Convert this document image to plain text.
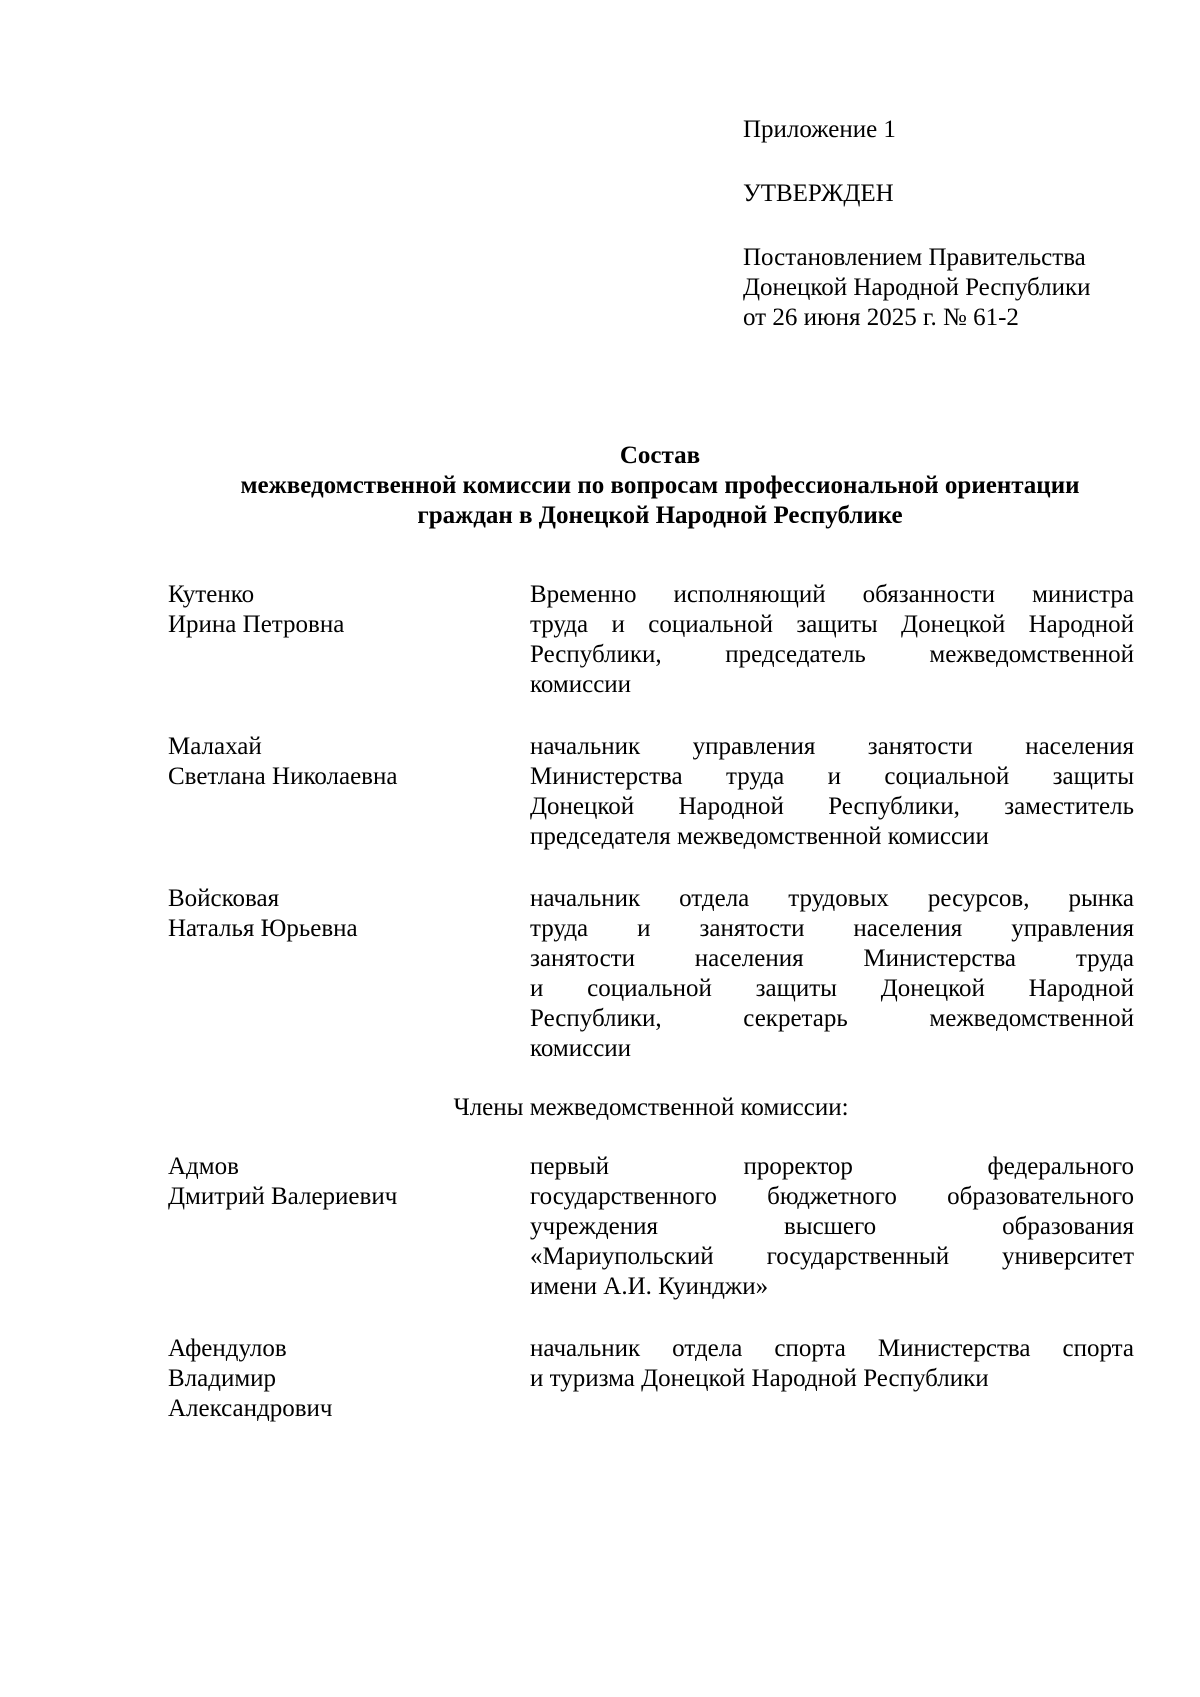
Приложение 1
УТВЕРЖДЕН
Постановлением Правительства
Донецкой Народной Республики
от 26 июня 2025 г. № 61-2
Состав
межведомственной комиссии по вопросам профессиональной ориентации
граждан в Донецкой Народной Республике
Кутенко
Ирина Петровна
Временно исполняющий обязанности министра
труда и социальной защиты Донецкой Народной
Республики, председатель межведомственной
комиссии
Малахай
Светлана Николаевна
начальник управления занятости населения
Министерства труда и социальной защиты
Донецкой Народной Республики, заместитель
председателя межведомственной комиссии
Войсковая
Наталья Юрьевна
начальник отдела трудовых ресурсов, рынка
труда и занятости населения управления
занятости населения Министерства труда
и социальной защиты Донецкой Народной
Республики, секретарь межведомственной
комиссии
Члены межведомственной комиссии:
Адмов
Дмитрий Валериевич
первый проректор федерального
государственного бюджетного образовательного
учреждения высшего образования
«Мариупольский государственный университет
имени А.И. Куинджи»
Афендулов
Владимир
Александрович
начальник отдела спорта Министерства спорта
и туризма Донецкой Народной Республики
